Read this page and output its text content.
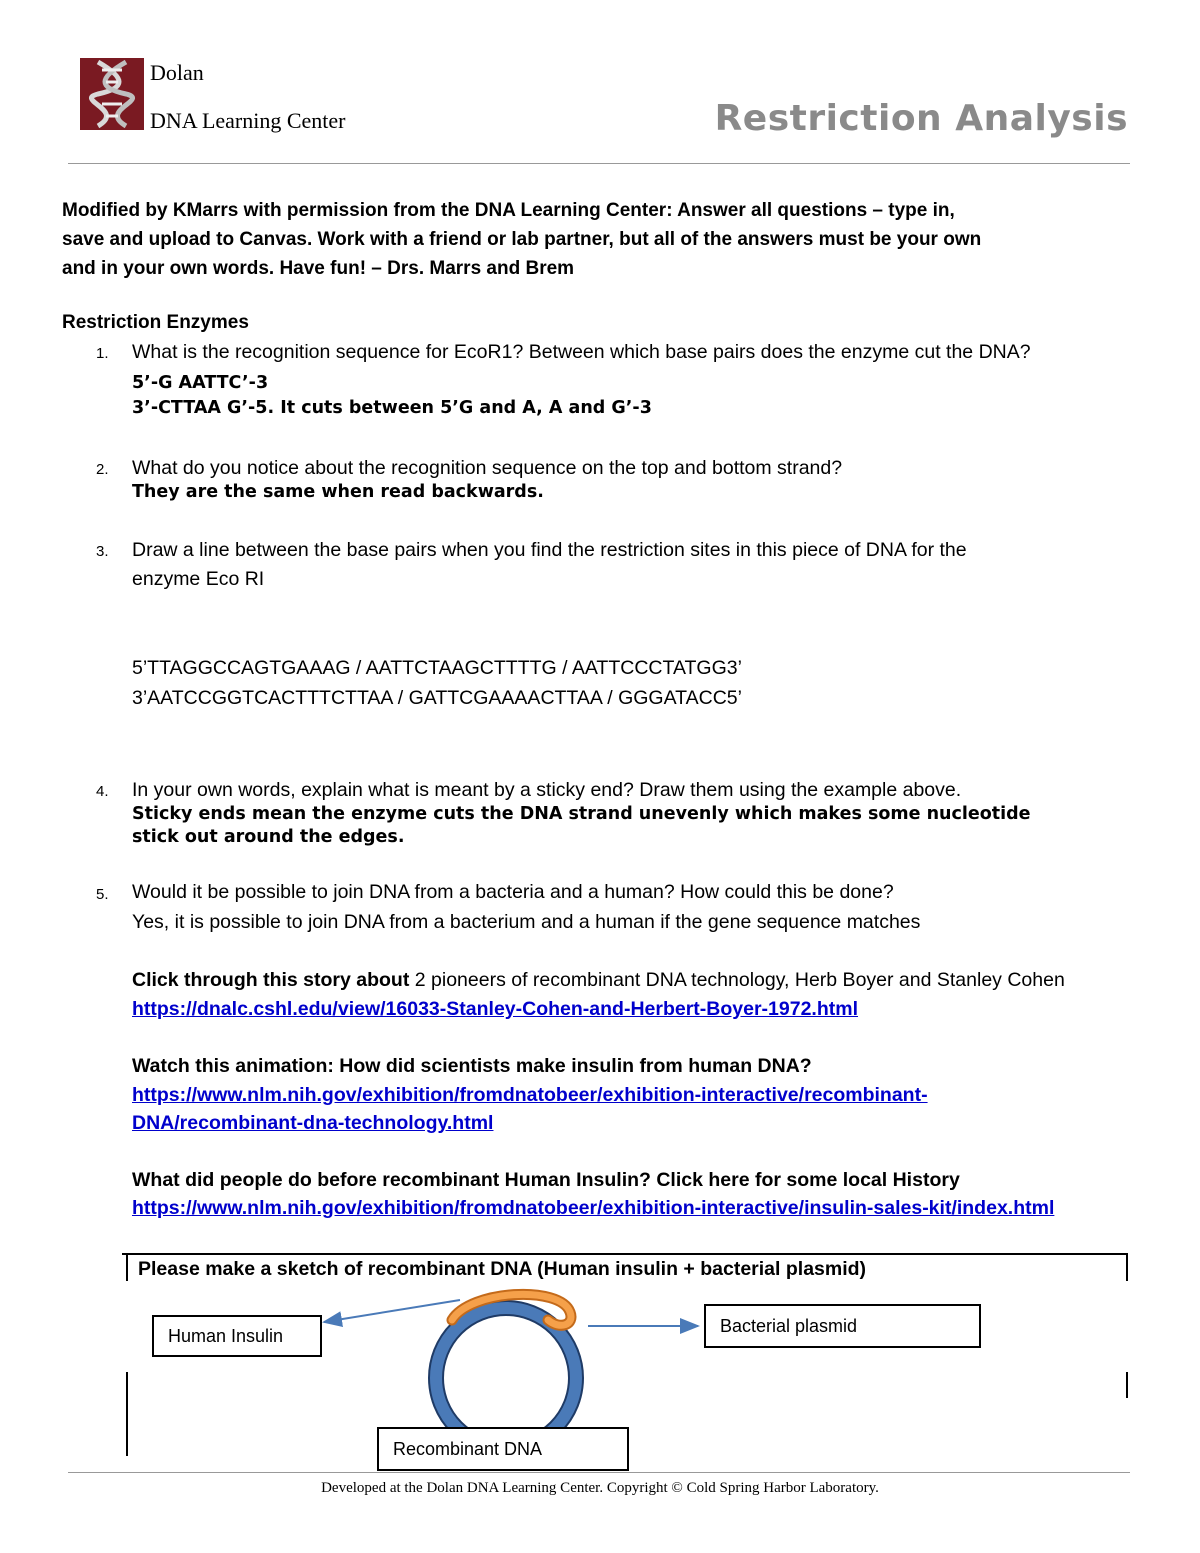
Dolan
DNA Learning Center	Restriction Analysis
Modified by KMarrs with permission from the DNA Learning Center: Answer all questions – type in,
save and upload to Canvas. Work with a friend or lab partner, but all of the answers must be your own
and in your own words. Have fun! – Drs. Marrs and Brem
Restriction Enzymes
1. What is the recognition sequence for EcoR1? Between which base pairs does the enzyme cut the DNA?
5’-G AATTC’-3
3’-CTTAA G’-5. It cuts between 5’G and A, A and G’-3
2. What do you notice about the recognition sequence on the top and bottom strand?
They are the same when read backwards.
3. Draw a line between the base pairs when you find the restriction sites in this piece of DNA for the
enzyme Eco RI
5’TTAGGCCAGTGAAAG / AATTCTAAGCTTTTG / AATTCCCTATGG3’
3’AATCCGGTCACTTTCTTAA / GATTCGAAAACTTAA / GGGATACC5’
4. In your own words, explain what is meant by a sticky end? Draw them using the example above.
Sticky ends mean the enzyme cuts the DNA strand unevenly which makes some nucleotide
stick out around the edges.
5. Would it be possible to join DNA from a bacteria and a human? How could this be done?
Yes, it is possible to join DNA from a bacterium and a human if the gene sequence matches
Click through this story about 2 pioneers of recombinant DNA technology, Herb Boyer and Stanley Cohen
https://dnalc.cshl.edu/view/16033-Stanley-Cohen-and-Herbert-Boyer-1972.html
Watch this animation: How did scientists make insulin from human DNA?
https://www.nlm.nih.gov/exhibition/fromdnatobeer/exhibition-interactive/recombinant-
DNA/recombinant-dna-technology.html
What did people do before recombinant Human Insulin? Click here for some local History
https://www.nlm.nih.gov/exhibition/fromdnatobeer/exhibition-interactive/insulin-sales-kit/index.html
Please make a sketch of recombinant DNA (Human insulin + bacterial plasmid)
Human Insulin	Bacterial plasmid
Recombinant DNA
Developed at the Dolan DNA Learning Center. Copyright © Cold Spring Harbor Laboratory.
